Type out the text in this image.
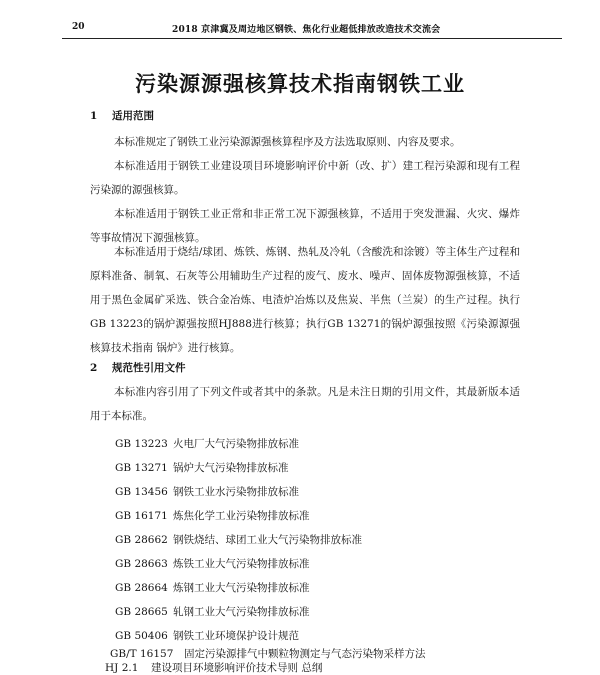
20	2018 京津冀及周边地区钢铁、焦化行业超低排放改造技术交流会
污染源源强核算技术指南钢铁工业
1 适用范围
本标准规定了钢铁工业污染源源强核算程序及方法选取原则、内容及要求。
本标准适用于钢铁工业建设项目环境影响评价中新（改、扩）建工程污染源和现有工程污染源的源强核算。
本标准适用于钢铁工业正常和非正常工况下源强核算，不适用于突发泄漏、火灾、爆炸等事故情况下源强核算。
本标准适用于烧结/球团、炼铁、炼钢、热轧及冷轧（含酸洗和涂镀）等主体生产过程和原料准备、制氧、石灰等公用辅助生产过程的废气、废水、噪声、固体废物源强核算，不适用于黑色金属矿采选、铁合金冶炼、电渣炉冶炼以及焦炭、半焦（兰炭）的生产过程。执行GB 13223的锅炉源强按照HJ888进行核算；执行GB 13271的锅炉源强按照《污染源源强核算技术指南 锅炉》进行核算。
2 规范性引用文件
本标准内容引用了下列文件或者其中的条款。凡是未注日期的引用文件，其最新版本适用于本标准。
GB 13223 火电厂大气污染物排放标准
GB 13271 锅炉大气污染物排放标准
GB 13456 钢铁工业水污染物排放标准
GB 16171 炼焦化学工业污染物排放标准
GB 28662 钢铁烧结、球团工业大气污染物排放标准
GB 28663 炼铁工业大气污染物排放标准
GB 28664 炼钢工业大气污染物排放标准
GB 28665 轧钢工业大气污染物排放标准
GB 50406 钢铁工业环境保护设计规范
GB/T 16157 固定污染源排气中颗粒物测定与气态污染物采样方法
HJ 2.1 建设项目环境影响评价技术导则 总纲
